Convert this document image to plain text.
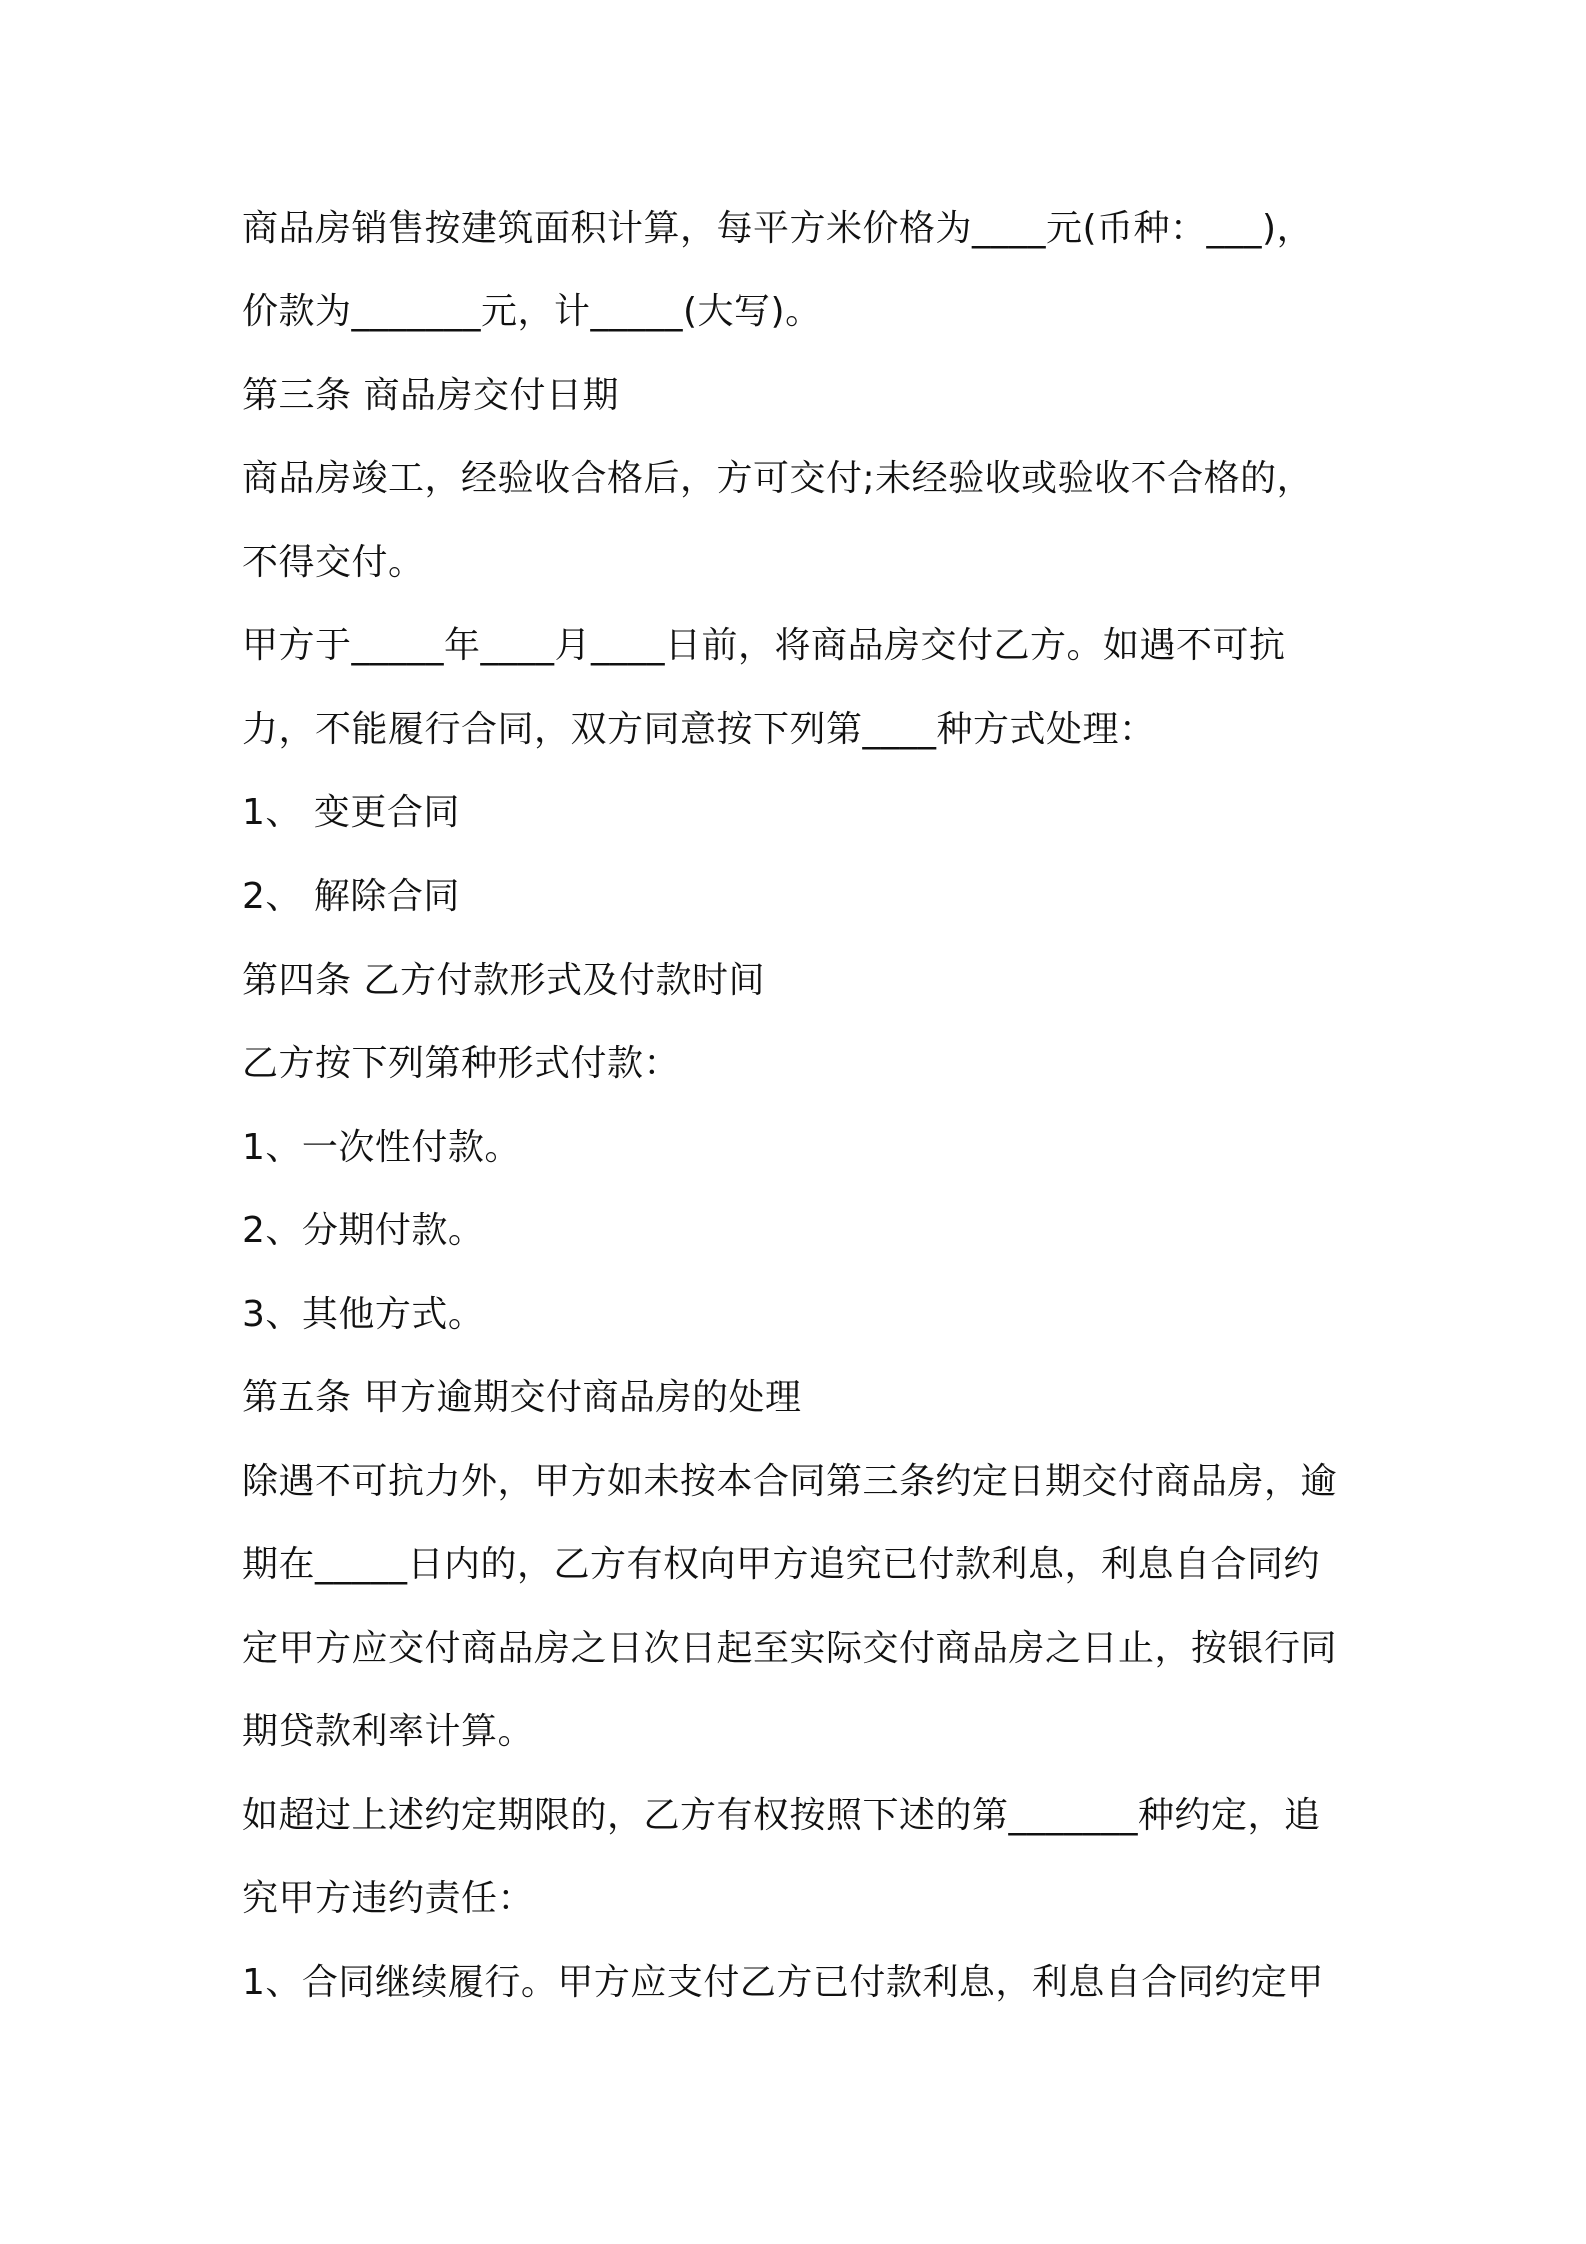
商品房销售按建筑面积计算，每平方米价格为____元(币种：___)，
价款为_______元，计_____(大写)。
第三条 商品房交付日期
商品房竣工，经验收合格后，方可交付;未经验收或验收不合格的，
不得交付。
甲方于_____年____月____日前，将商品房交付乙方。如遇不可抗
力，不能履行合同，双方同意按下列第____种方式处理：
1、 变更合同
2、 解除合同
第四条 乙方付款形式及付款时间
乙方按下列第种形式付款：
1、一次性付款。
2、分期付款。
3、其他方式。
第五条 甲方逾期交付商品房的处理
除遇不可抗力外，甲方如未按本合同第三条约定日期交付商品房，逾
期在_____日内的，乙方有权向甲方追究已付款利息，利息自合同约
定甲方应交付商品房之日次日起至实际交付商品房之日止，按银行同
期贷款利率计算。
如超过上述约定期限的，乙方有权按照下述的第_______种约定，追
究甲方违约责任：
1、合同继续履行。甲方应支付乙方已付款利息，利息自合同约定甲
